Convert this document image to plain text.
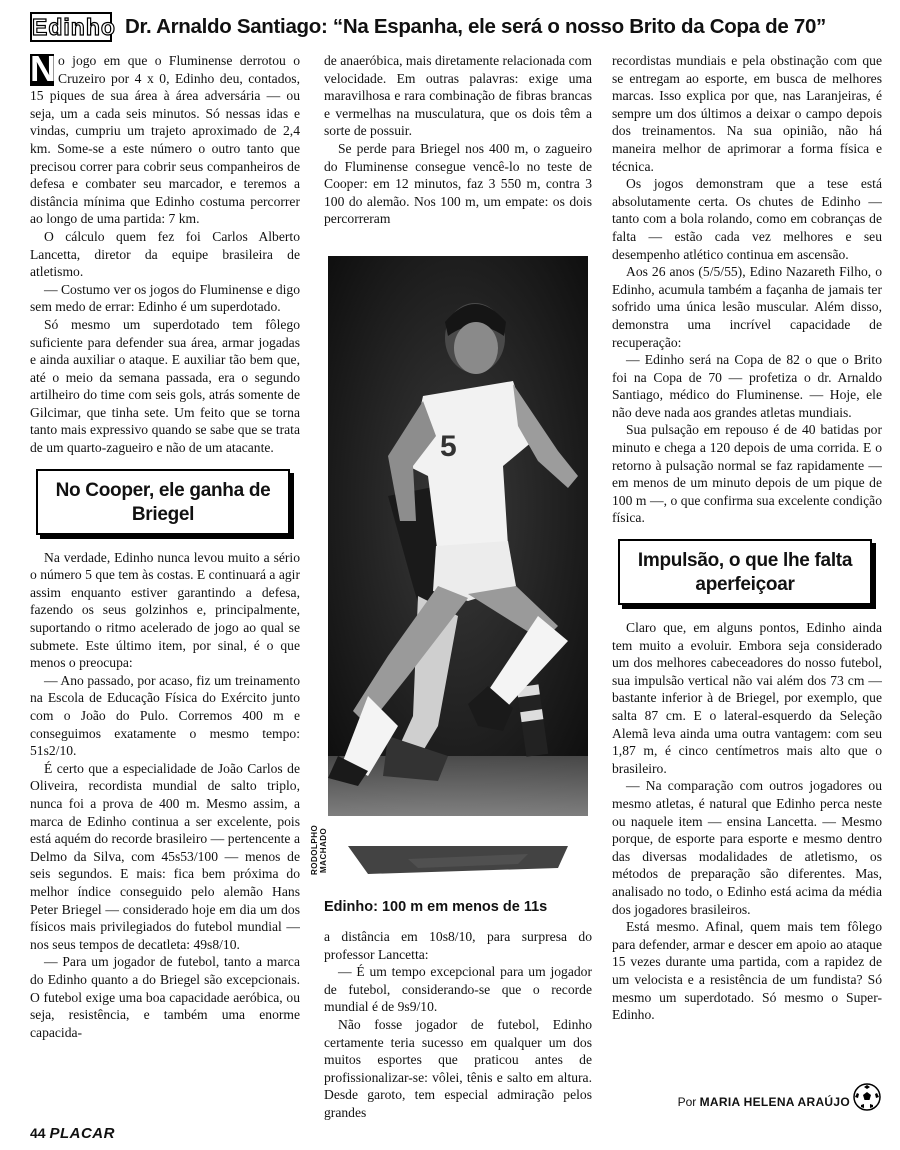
Edinho Dr. Arnaldo Santiago: “Na Espanha, ele será o nosso Brito da Copa de 70”

N o jogo em que o Fluminense derrotou o Cruzeiro por 4 x 0, Edinho deu, contados, 15 piques de sua área à área adversária — ou seja, um a cada seis minutos. Só nessas idas e vindas, cumpriu um trajeto aproximado de 2,4 km. Some-se a este número o outro tanto que precisou correr para cobrir seus companheiros de defesa e combater seu marcador, e teremos a distância mínima que Edinho costuma percorrer ao longo de uma partida: 7 km.

O cálculo quem fez foi Carlos Alberto Lancetta, diretor da equipe brasileira de atletismo.

— Costumo ver os jogos do Fluminense e digo sem medo de errar: Edinho é um superdotado.

Só mesmo um superdotado tem fôlego suficiente para defender sua área, armar jogadas e ainda auxiliar o ataque. E auxiliar tão bem que, até o meio da semana passada, era o segundo artilheiro do time com seis gols, atrás somente de Gilcimar, que tinha sete. Um feito que se torna tanto mais expressivo quando se sabe que se trata de um quarto-zagueiro e não de um atacante.

No Cooper, ele ganha de Briegel

Na verdade, Edinho nunca levou muito a sério o número 5 que tem às costas. E continuará a agir assim enquanto estiver garantindo a defesa, fazendo os seus golzinhos e, principalmente, suportando o ritmo acelerado de jogo ao qual se submete. Este último item, por sinal, é o que menos o preocupa:

— Ano passado, por acaso, fiz um treinamento na Escola de Educação Física do Exército junto com o João do Pulo. Corremos 400 m e conseguimos exatamente o mesmo tempo: 51s2/10.

É certo que a especialidade de João Carlos de Oliveira, recordista mundial de salto triplo, nunca foi a prova de 400 m. Mesmo assim, a marca de Edinho continua a ser excelente, pois está aquém do recorde brasileiro — pertencente a Delmo da Silva, com 45s53/100 — menos de seis segundos. E mais: fica bem próxima do melhor índice conseguido pelo alemão Hans Peter Briegel — considerado hoje em dia um dos físicos mais privilegiados do futebol mundial — nos seus tempos de decatleta: 49s8/10.

— Para um jogador de futebol, tanto a marca do Edinho quanto a do Briegel são excepcionais. O futebol exige uma boa capacidade aeróbica, ou seja, resistência, e também uma enorme capacida-

de anaeróbica, mais diretamente relacionada com velocidade. Em outras palavras: exige uma maravilhosa e rara combinação de fibras brancas e vermelhas na musculatura, que os dois têm a sorte de possuir.

Se perde para Briegel nos 400 m, o zagueiro do Fluminense consegue vencê-lo no teste de Cooper: em 12 minutos, faz 3 550 m, contra 3 100 do alemão. Nos 100 m, um empate: os dois percorreram

5
RODOLPHO MACHADO
Edinho: 100 m em menos de 11s

a distância em 10s8/10, para surpresa do professor Lancetta:

— É um tempo excepcional para um jogador de futebol, considerando-se que o recorde mundial é de 9s9/10.

Não fosse jogador de futebol, Edinho certamente teria sucesso em qualquer um dos muitos esportes que praticou antes de profissionalizar-se: vôlei, tênis e salto em altura. Desde garoto, tem especial admiração pelos grandes

recordistas mundiais e pela obstinação com que se entregam ao esporte, em busca de melhores marcas. Isso explica por que, nas Laranjeiras, é sempre um dos últimos a deixar o campo depois dos treinamentos. Na sua opinião, não há maneira melhor de aprimorar a forma física e técnica.

Os jogos demonstram que a tese está absolutamente certa. Os chutes de Edinho — tanto com a bola rolando, como em cobranças de falta — estão cada vez melhores e seu desempenho atlético continua em ascensão.

Aos 26 anos (5/5/55), Edino Nazareth Filho, o Edinho, acumula também a façanha de jamais ter sofrido uma única lesão muscular. Além disso, demonstra uma incrível capacidade de recuperação:

— Edinho será na Copa de 82 o que o Brito foi na Copa de 70 — profetiza o dr. Arnaldo Santiago, médico do Fluminense. — Hoje, ele não deve nada aos grandes atletas mundiais.

Sua pulsação em repouso é de 40 batidas por minuto e chega a 120 depois de uma corrida. E o retorno à pulsação normal se faz rapidamente — em menos de um minuto depois de um pique de 100 m —, o que confirma sua excelente condição física.

Impulsão, o que lhe falta aperfeiçoar

Claro que, em alguns pontos, Edinho ainda tem muito a evoluir. Embora seja considerado um dos melhores cabeceadores do nosso futebol, sua impulsão vertical não vai além dos 73 cm — bastante inferior à de Briegel, por exemplo, que salta 87 cm. E o lateral-esquerdo da Seleção Alemã leva ainda uma outra vantagem: com seu 1,87 m, é cinco centímetros mais alto que o brasileiro.

— Na comparação com outros jogadores ou mesmo atletas, é natural que Edinho perca neste ou naquele item — ensina Lancetta. — Mesmo porque, de esporte para esporte e mesmo dentro das diversas modalidades de atletismo, os métodos de preparação são diferentes. Mas, analisado no todo, o Edinho está acima da média dos jogadores brasileiros.

Está mesmo. Afinal, quem mais tem fôlego para defender, armar e descer em apoio ao ataque 15 vezes durante uma partida, com a rapidez de um velocista e a resistência de um fundista? Só mesmo um superdotado. Só mesmo o Super-Edinho.

Por MARIA HELENA ARAÚJO
44 PLACAR
